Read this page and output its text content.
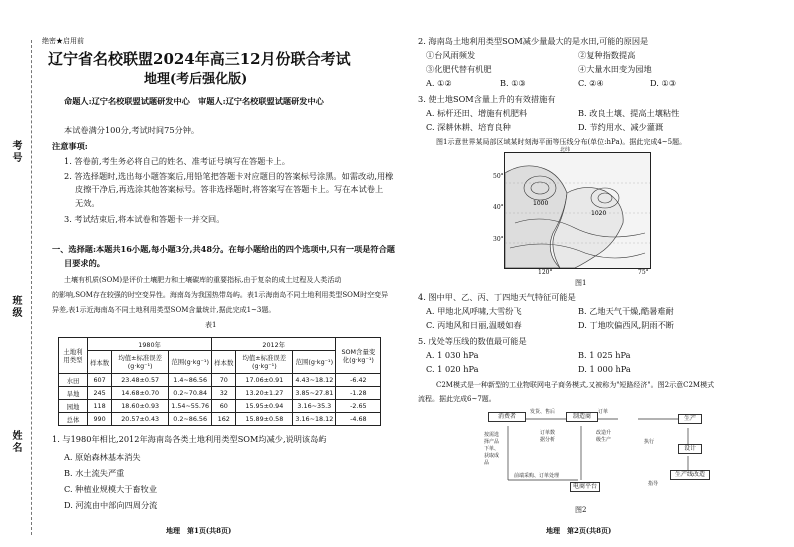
考号
班级
姓名
绝密★启用前
辽宁省名校联盟2024年高三12月份联合考试
地理(考后强化版)
命题人:辽宁名校联盟试题研发中心　审题人:辽宁名校联盟试题研发中心
本试卷满分100分,考试时间75分钟。
注意事项:
1. 答卷前,考生务必将自己的姓名、准考证号填写在答题卡上。
2. 答选择题时,选出每小题答案后,用铅笔把答题卡对应题目的答案标号涂黑。如需改动,用橡
皮擦干净后,再选涂其他答案标号。答非选择题时,将答案写在答题卡上。写在本试卷上
无效。
3. 考试结束后,将本试卷和答题卡一并交回。
一、选择题:本题共16小题,每小题3分,共48分。在每小题给出的四个选项中,只有一项是符合题
目要求的。
土壤有机质(SOM)是评价土壤肥力和土壤碳库的重要指标,由于复杂的成土过程及人类活动
的影响,SOM存在较强的时空变异性。海南岛为我国热带岛屿。表1示海南岛不同土地利用类型SOM时空变异
异差,表1示近海南岛不同土地利用类型SOM含量统计,据此完成1~3题。
表1
土地利用类型	1980年			2012年			SOM含量变化(g·kg⁻¹)
	样本数	均值±标准误差(g·kg⁻¹)	范围(g·kg⁻¹)	样本数	均值±标准误差(g·kg⁻¹)	范围(g·kg⁻¹)	
水田	607	23.48±0.57	1.4~86.56	70	17.06±0.91	4.43~18.12	-6.42
旱地	245	14.68±0.70	0.2~70.84	32	13.20±1.27	3.85~27.81	-1.28
园地	118	18.60±0.93	1.54~55.76	60	15.95±0.94	3.16~35.3	-2.65
总体	990	20.57±0.43	0.2~86.56	162	15.89±0.58	3.16~18.12	-4.68
1. 与1980年相比,2012年海南岛各类土地利用类型SOM均减少,说明该岛屿
A. 原始森林基本消失
B. 水土流失严重
C. 种植业规模大于畜牧业
D. 河流由中部向四周分流
地理　第1页(共8页)
2. 海南岛土地利用类型SOM减少量最大的是水田,可能的原因是
①台风雨频发	②复种指数提高
③化肥代替有机肥	④大量水田变为园地
A. ①②	B. ①③	C. ②④	D. ①③
3. 使土地SOM含量上升的有效措施有
A. 标杆还田、增施有机肥料	B. 改良土壤、提高土壤粘性
C. 深耕休耕、培育良种	D. 节约用水、减少灌溉
图1示意世界某局部区域某时刻海平面等压线分布(单位:hPa)。据此完成4~5题。
1020
1000
北纬
50°
40°
30°
120°	75°
图1
4. 图中甲、乙、丙、丁四地天气特征可能是
A. 甲地北风呼啸,大雪纷飞	B. 乙地天气干燥,酷暑难耐
C. 丙地风和日丽,温暖如春	D. 丁地吹偏西风,阴雨不断
5. 戊处等压线的数值最可能是
A. 1 030 hPa	B. 1 025 hPa
C. 1 020 hPa	D. 1 000 hPa
C2M模式是一种新型的工业物联网电子商务模式,又被称为"短路经济"。图2示意C2M模式
流程。据此完成6~7题。
消费者
发货、售后
制造商
订单
生产
设计
生产线改造
按需选择产品下单、获取成品
订单数据分析
改造升级生产	执行
前端采购、订单处理
电商平台	指导
图2
地理　第2页(共8页)
